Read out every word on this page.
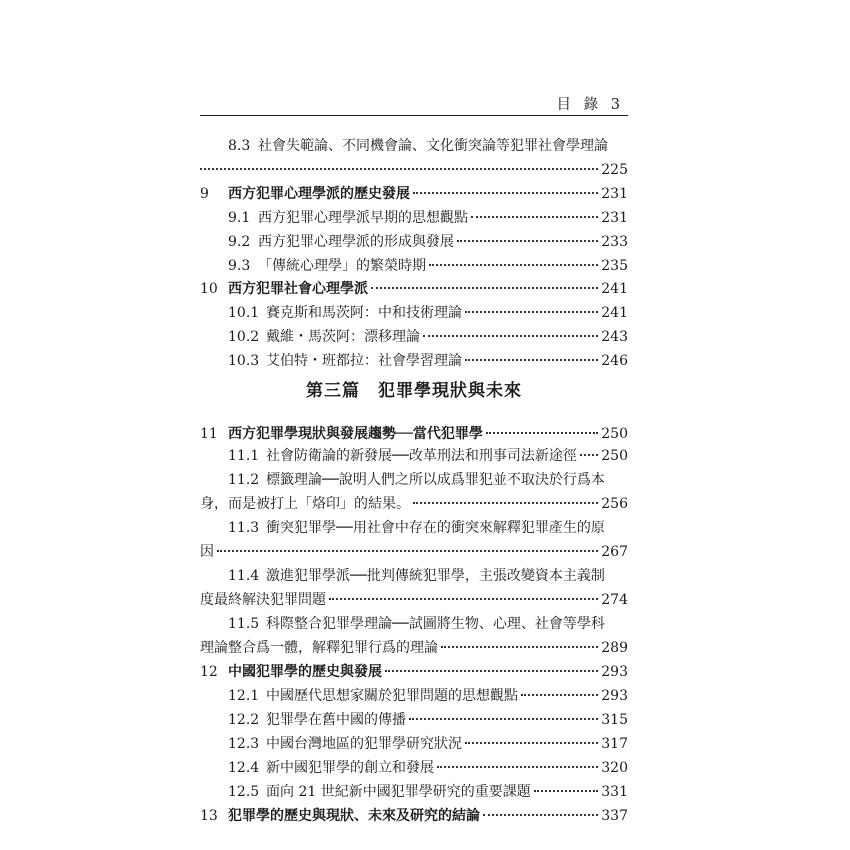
目 錄 3
8.3 社會失範論、不同機會論、文化衝突論等犯罪社會學理論
225
9	西方犯罪心理學派的歷史發展	231
9.1 西方犯罪心理學派早期的思想觀點	231
9.2 西方犯罪心理學派的形成與發展	233
9.3 「傳統心理學」的繁榮時期	235
10 西方犯罪社會心理學派	241
10.1 賽克斯和馬茨阿：中和技術理論	241
10.2 戴維・馬茨阿：漂移理論	243
10.3 艾伯特・班都拉：社會學習理論	246
第三篇　犯罪學現狀與未來
11 西方犯罪學現狀與發展趨勢──當代犯罪學	250
11.1 社會防衛論的新發展──改革刑法和刑事司法新途徑 250
11.2 標籤理論──說明人們之所以成爲罪犯並不取決於行爲本
身，而是被打上「烙印」的結果。	256
11.3 衝突犯罪學──用社會中存在的衝突來解釋犯罪產生的原
因	267
11.4 激進犯罪學派──批判傳統犯罪學，主張改變資本主義制
度最終解決犯罪問題	274
11.5 科際整合犯罪學理論──試圖將生物、心理、社會等學科
理論整合爲一體，解釋犯罪行爲的理論	289
12 中國犯罪學的歷史與發展	293
12.1 中國歷代思想家關於犯罪問題的思想觀點	293
12.2 犯罪學在舊中國的傳播	315
12.3 中國台灣地區的犯罪學研究狀況	317
12.4 新中國犯罪學的創立和發展	320
12.5 面向 21 世紀新中國犯罪學研究的重要課題	331
13 犯罪學的歷史與現狀、未來及研究的結論	337
